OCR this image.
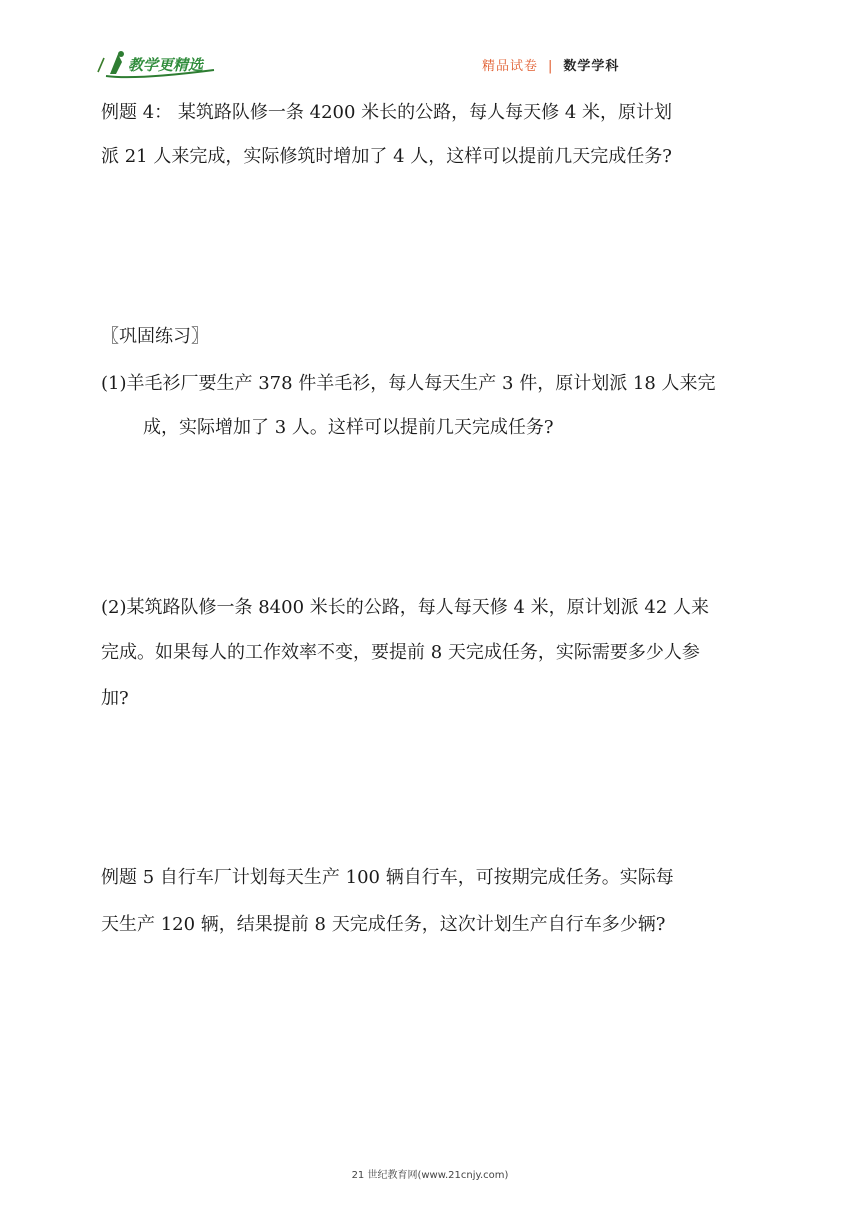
教学更精选	精品试卷 | 数学学科
例题 4： 某筑路队修一条 4200 米长的公路，每人每天修 4 米，原计划
派 21 人来完成，实际修筑时增加了 4 人，这样可以提前几天完成任务?
〖巩固练习〗
(1)羊毛衫厂要生产 378 件羊毛衫，每人每天生产 3 件，原计划派 18 人来完
成，实际增加了 3 人。这样可以提前几天完成任务?
(2)某筑路队修一条 8400 米长的公路，每人每天修 4 米，原计划派 42 人来
完成。如果每人的工作效率不变，要提前 8 天完成任务，实际需要多少人参
加?
例题 5 自行车厂计划每天生产 100 辆自行车，可按期完成任务。实际每
天生产 120 辆，结果提前 8 天完成任务，这次计划生产自行车多少辆?
21 世纪教育网(www.21cnjy.com)
